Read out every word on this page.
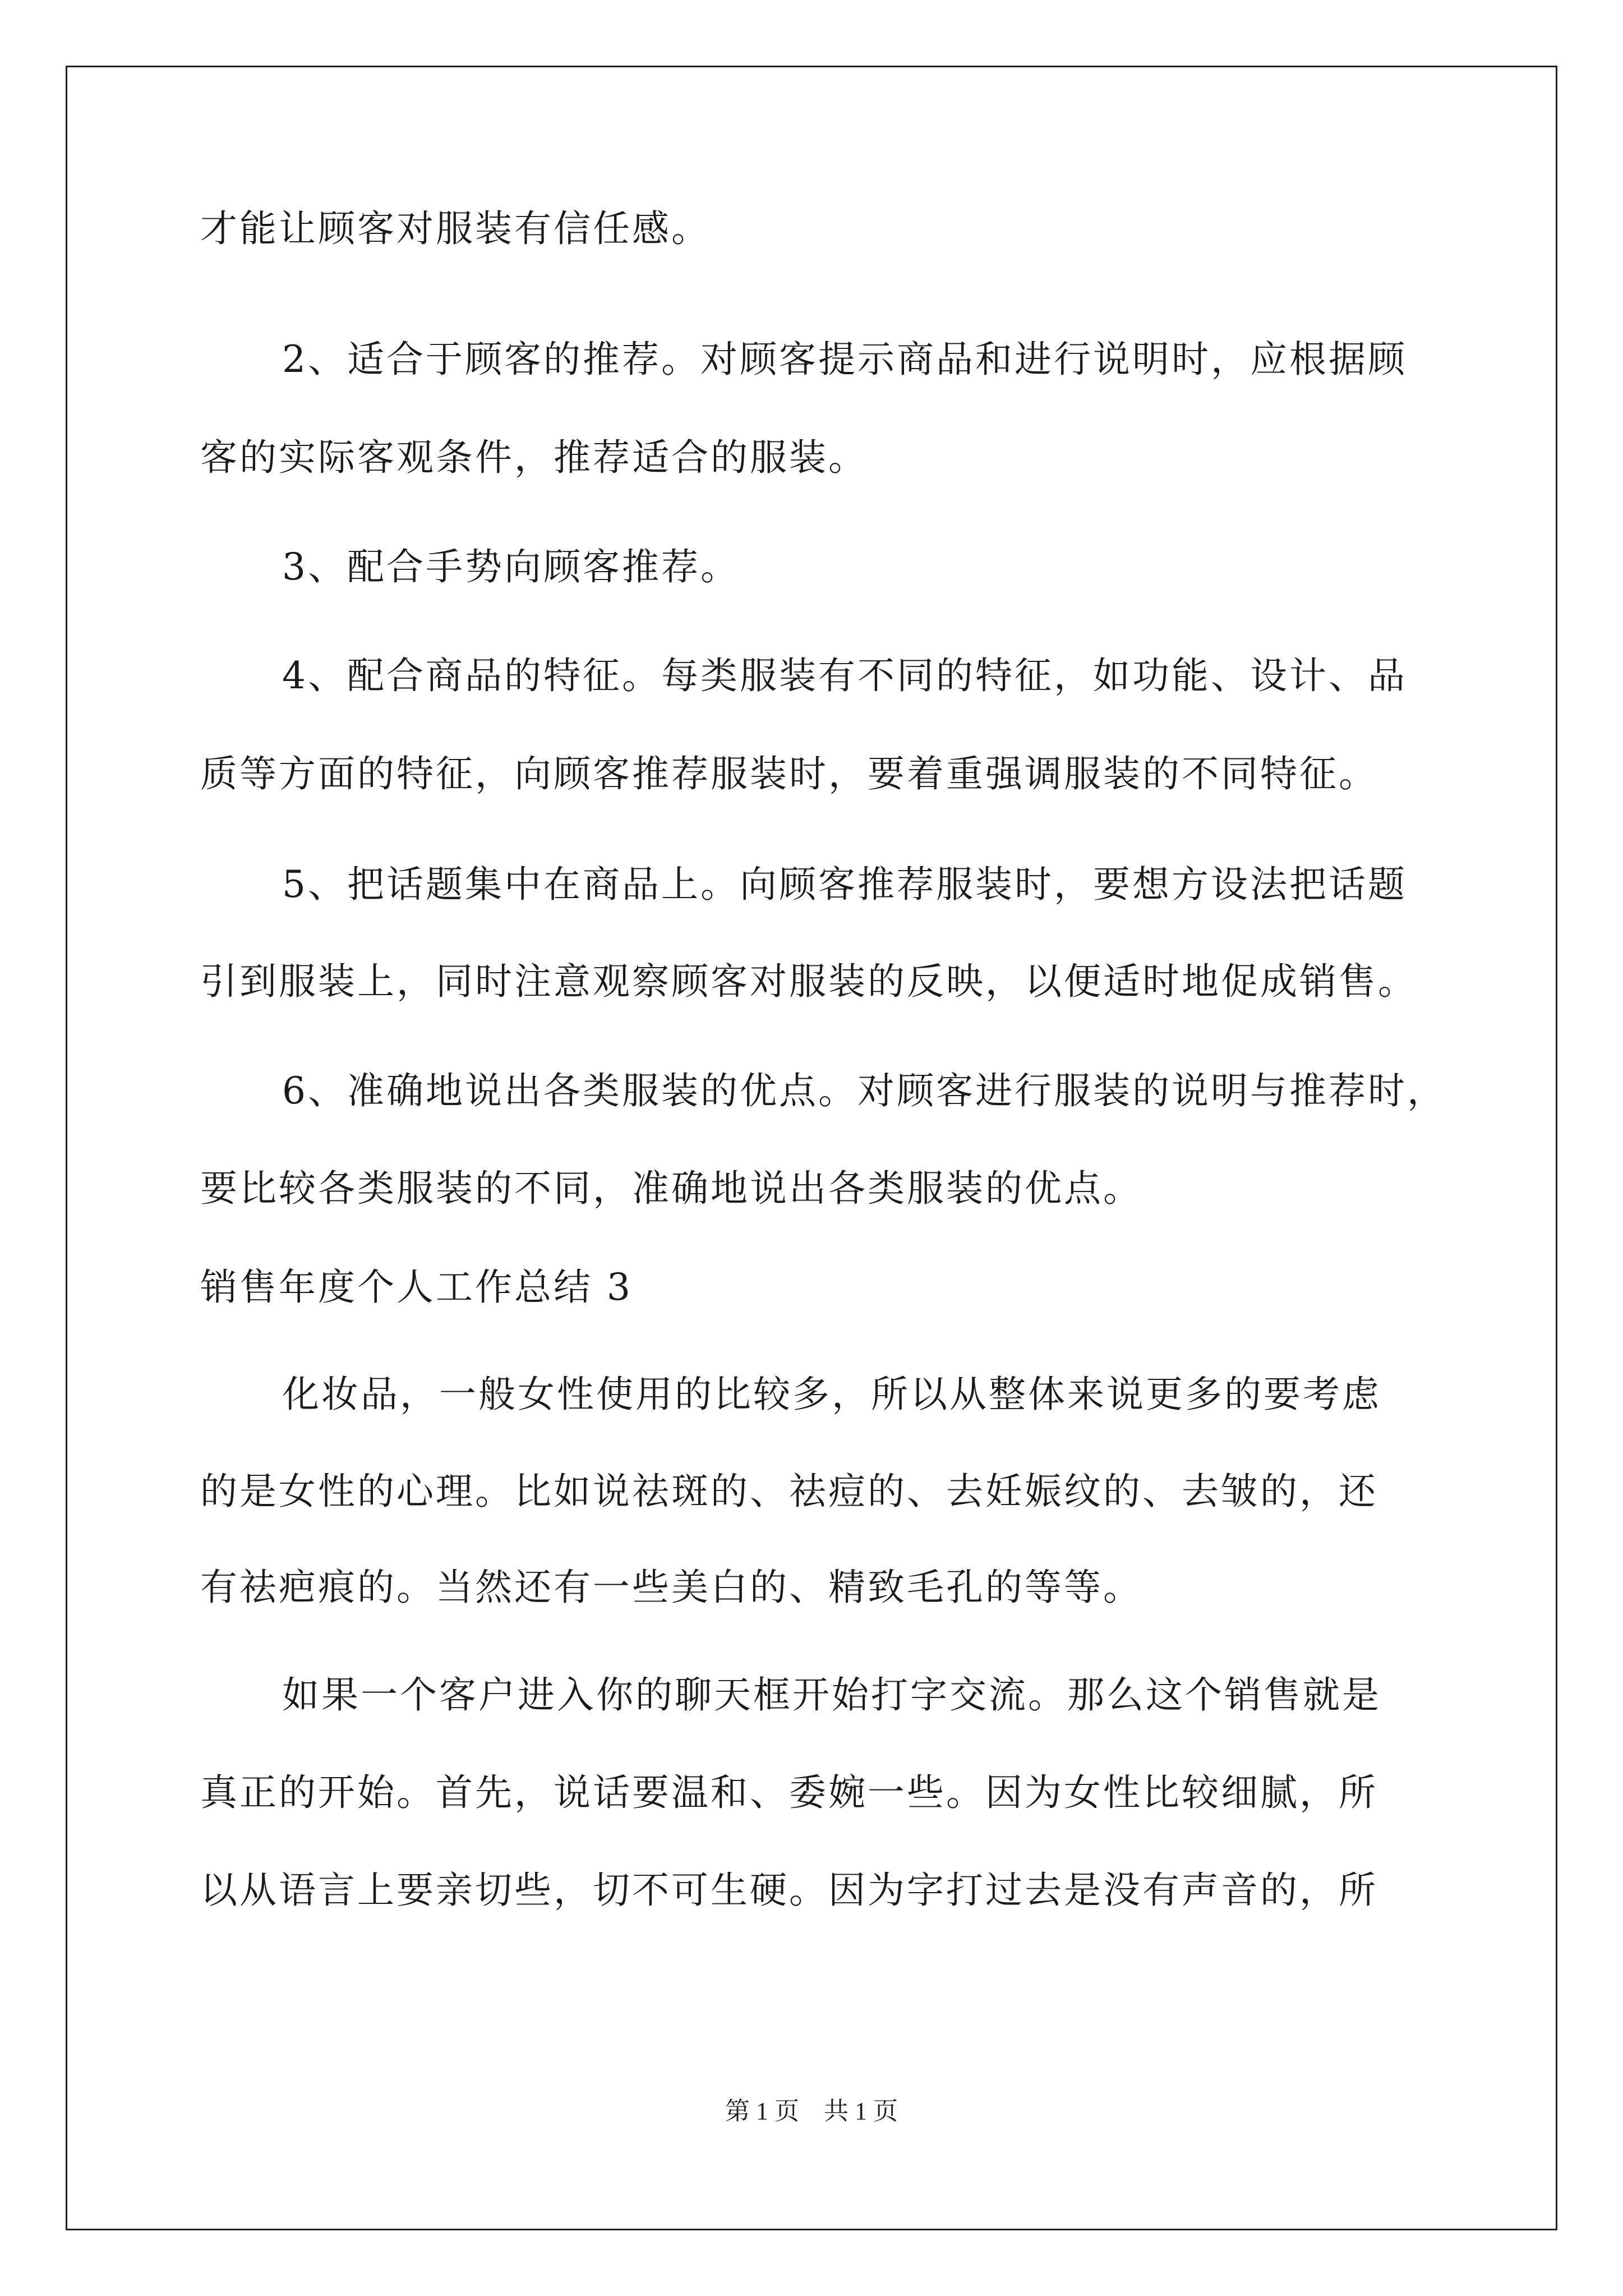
才能让顾客对服装有信任感。
2、适合于顾客的推荐。对顾客提示商品和进行说明时，应根据顾
客的实际客观条件，推荐适合的服装。
3、配合手势向顾客推荐。
4、配合商品的特征。每类服装有不同的特征，如功能、设计、品
质等方面的特征，向顾客推荐服装时，要着重强调服装的不同特征。
5、把话题集中在商品上。向顾客推荐服装时，要想方设法把话题
引到服装上，同时注意观察顾客对服装的反映，以便适时地促成销售。
6、准确地说出各类服装的优点。对顾客进行服装的说明与推荐时，
要比较各类服装的不同，准确地说出各类服装的优点。
销售年度个人工作总结 3
化妆品，一般女性使用的比较多，所以从整体来说更多的要考虑
的是女性的心理。比如说祛斑的、祛痘的、去妊娠纹的、去皱的，还
有祛疤痕的。当然还有一些美白的、精致毛孔的等等。
如果一个客户进入你的聊天框开始打字交流。那么这个销售就是
真正的开始。首先，说话要温和、委婉一些。因为女性比较细腻，所
以从语言上要亲切些，切不可生硬。因为字打过去是没有声音的，所
第 1 页　共 1 页
